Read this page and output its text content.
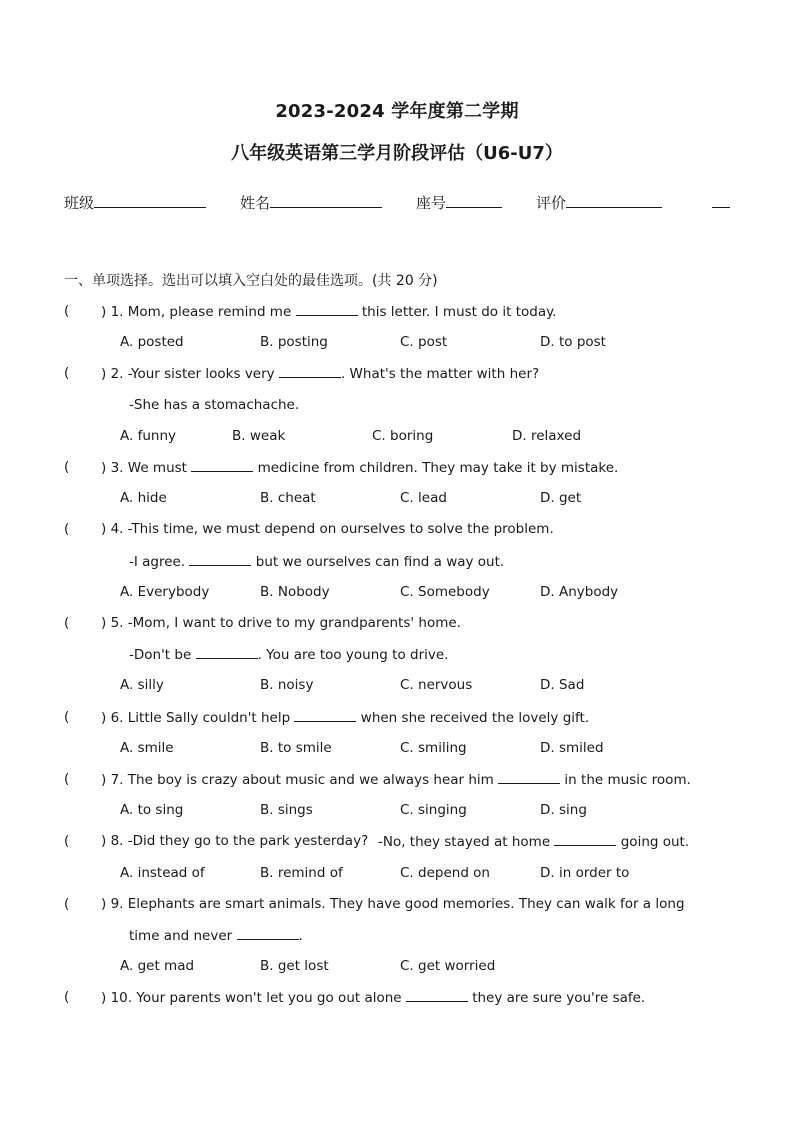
2023-2024 学年度第二学期
八年级英语第三学月阶段评估（U6-U7）
班级	姓名	座号	评价
一、单项选择。选出可以填入空白处的最佳选项。(共 20 分)
( ) 1. Mom, please remind me	this letter. I must do it today.
A. posted	B. posting	C. post	D. to post
( ) 2. -Your sister looks very	. What's the matter with her?
-She has a stomachache.
A. funny	B. weak	C. boring	D. relaxed
( ) 3. We must	medicine from children. They may take it by mistake.
A. hide	B. cheat	C. lead	D. get
( ) 4. -This time, we must depend on ourselves to solve the problem.
-I agree.	but we ourselves can find a way out.
A. Everybody	B. Nobody	C. Somebody	D. Anybody
( ) 5. -Mom, I want to drive to my grandparents' home.
-Don't be	. You are too young to drive.
A. silly	B. noisy	C. nervous	D. Sad
( ) 6. Little Sally couldn't help	when she received the lovely gift.
A. smile	B. to smile	C. smiling	D. smiled
( ) 7. The boy is crazy about music and we always hear him	in the music room.
A. to sing	B. sings	C. singing	D. sing
( ) 8. -Did they go to the park yesterday? -No, they stayed at home	going out.
A. instead of	B. remind of	C. depend on	D. in order to
( ) 9. Elephants are smart animals. They have good memories. They can walk for a long
time and never	.
A. get mad	B. get lost	C. get worried
( ) 10. Your parents won't let you go out alone	they are sure you're safe.
